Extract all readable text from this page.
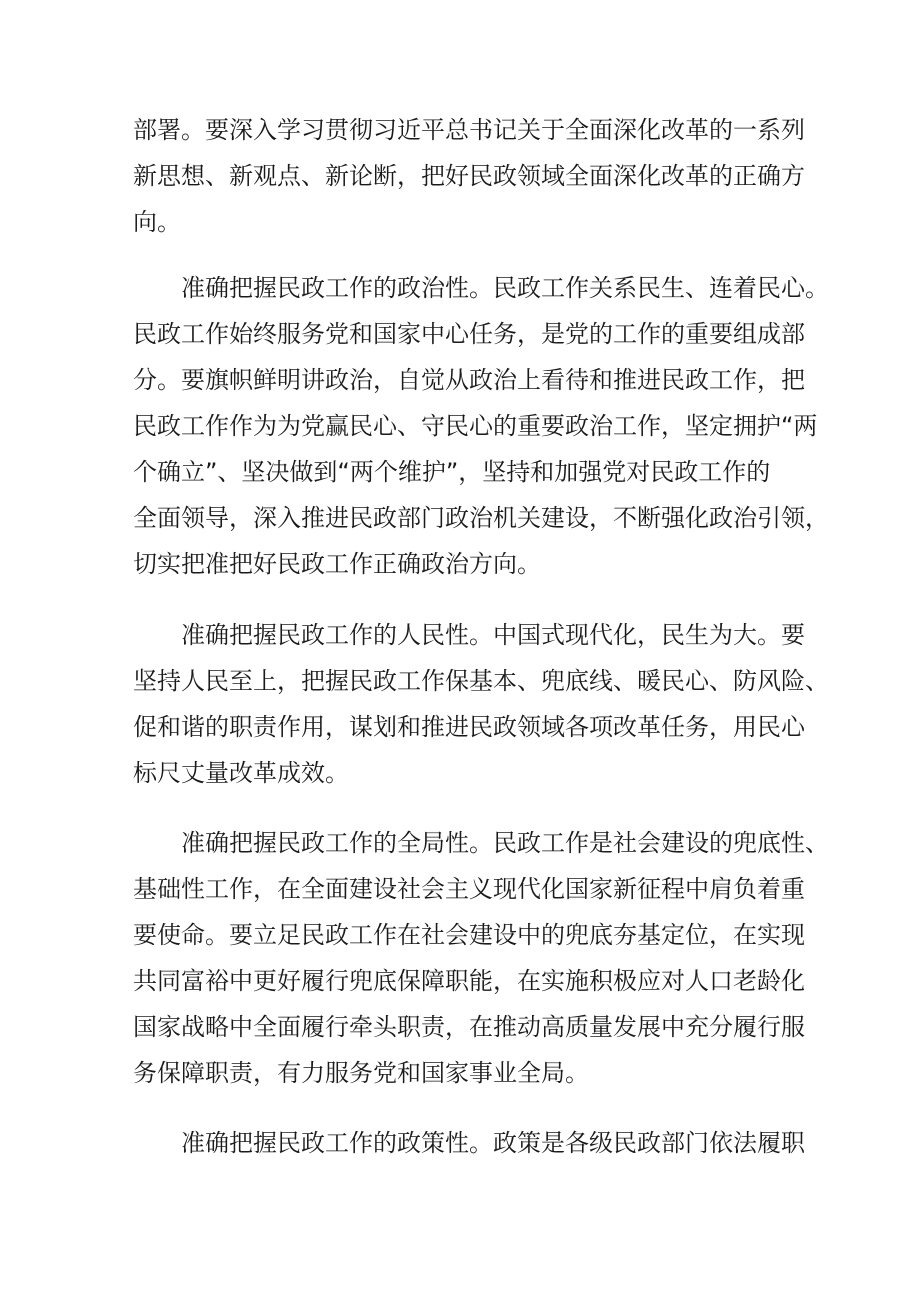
部署。要深入学习贯彻习近平总书记关于全面深化改革的一系列
新思想、新观点、新论断，把好民政领域全面深化改革的正确方
向。
准确把握民政工作的政治性。民政工作关系民生、连着民心。
民政工作始终服务党和国家中心任务，是党的工作的重要组成部
分。要旗帜鲜明讲政治，自觉从政治上看待和推进民政工作，把
民政工作作为为党赢民心、守民心的重要政治工作，坚定拥护“两
个确立”、坚决做到“两个维护”，坚持和加强党对民政工作的
全面领导，深入推进民政部门政治机关建设，不断强化政治引领，
切实把准把好民政工作正确政治方向。
准确把握民政工作的人民性。中国式现代化，民生为大。要
坚持人民至上，把握民政工作保基本、兜底线、暖民心、防风险、
促和谐的职责作用，谋划和推进民政领域各项改革任务，用民心
标尺丈量改革成效。
准确把握民政工作的全局性。民政工作是社会建设的兜底性、
基础性工作，在全面建设社会主义现代化国家新征程中肩负着重
要使命。要立足民政工作在社会建设中的兜底夯基定位，在实现
共同富裕中更好履行兜底保障职能，在实施积极应对人口老龄化
国家战略中全面履行牵头职责，在推动高质量发展中充分履行服
务保障职责，有力服务党和国家事业全局。
准确把握民政工作的政策性。政策是各级民政部门依法履职
